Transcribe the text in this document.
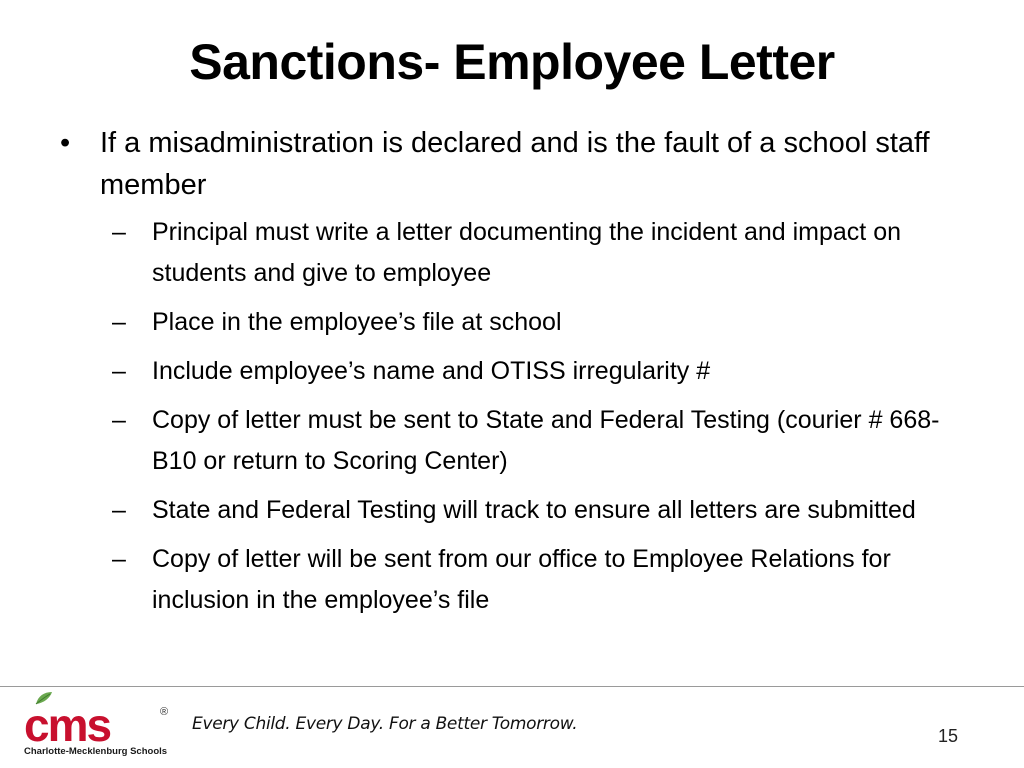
Sanctions- Employee Letter
• If a misadministration is declared and is the fault of a school staff member
– Principal must write a letter documenting the incident and impact on students and give to employee
– Place in the employee’s file at school
– Include employee’s name and OTISS irregularity #
– Copy of letter must be sent to State and Federal Testing (courier # 668- B10 or return to Scoring Center)
– State and Federal Testing will track to ensure all letters are submitted
– Copy of letter will be sent from our office to Employee Relations for inclusion in the employee’s file
cms	®
Charlotte-Mecklenburg Schools
Every Child. Every Day. For a Better Tomorrow.
15
